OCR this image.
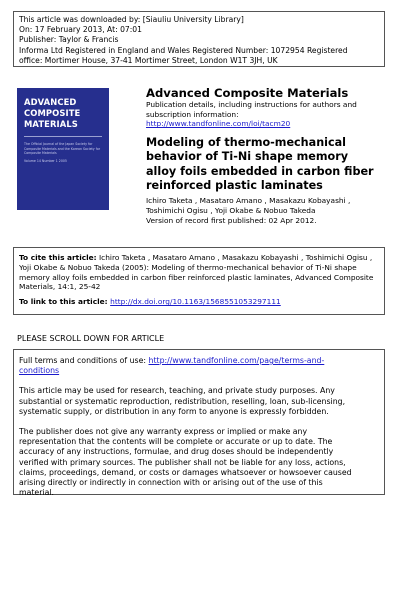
This article was downloaded by: [Siauliu University Library]
On: 17 February 2013, At: 07:01
Publisher: Taylor & Francis
Informa Ltd Registered in England and Wales Registered Number: 1072954 Registered
office: Mortimer House, 37-41 Mortimer Street, London W1T 3JH, UK
ADVANCED
COMPOSITE
MATERIALS
The Official Journal of the Japan Society for Composite Materials and the Korean Society for Composite Materials
Volume 14 Number 1 2005
Advanced Composite Materials
Publication details, including instructions for authors and
subscription information:
http://www.tandfonline.com/loi/tacm20
Modeling of thermo-mechanical
behavior of Ti-Ni shape memory
alloy foils embedded in carbon fiber
reinforced plastic laminates
Ichiro Taketa , Masataro Amano , Masakazu Kobayashi ,
Toshimichi Ogisu , Yoji Okabe & Nobuo Takeda
Version of record first published: 02 Apr 2012.
To cite this article: Ichiro Taketa , Masataro Amano , Masakazu Kobayashi , Toshimichi Ogisu ,
Yoji Okabe & Nobuo Takeda (2005): Modeling of thermo-mechanical behavior of Ti-Ni shape
memory alloy foils embedded in carbon fiber reinforced plastic laminates, Advanced Composite
Materials, 14:1, 25-42
To link to this article: http://dx.doi.org/10.1163/1568551053297111
PLEASE SCROLL DOWN FOR ARTICLE

Full terms and conditions of use: http://www.tandfonline.com/page/terms-and-
conditions

This article may be used for research, teaching, and private study purposes. Any
substantial or systematic reproduction, redistribution, reselling, loan, sub-licensing,
systematic supply, or distribution in any form to anyone is expressly forbidden.

The publisher does not give any warranty express or implied or make any
representation that the contents will be complete or accurate or up to date. The
accuracy of any instructions, formulae, and drug doses should be independently
verified with primary sources. The publisher shall not be liable for any loss, actions,
claims, proceedings, demand, or costs or damages whatsoever or howsoever caused
arising directly or indirectly in connection with or arising out of the use of this
material.
